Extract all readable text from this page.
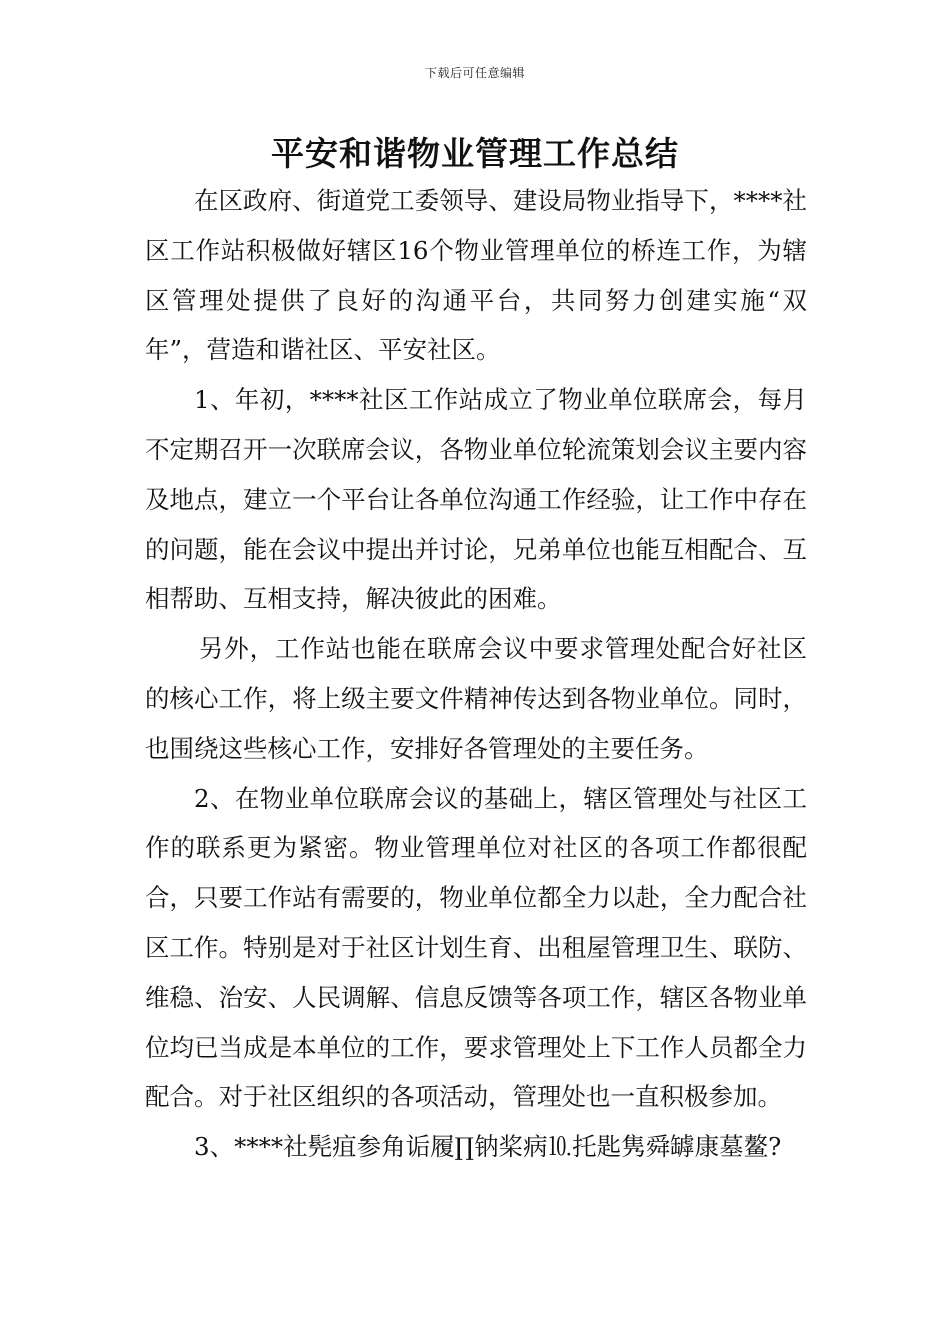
下载后可任意编辑
平安和谐物业管理工作总结

在区政府、街道党工委领导、建设局物业指导下，****社区工作站积极做好辖区16个物业管理单位的桥连工作，为辖区管理处提供了良好的沟通平台，共同努力创建实施“双年”，营造和谐社区、平安社区。

1、年初，****社区工作站成立了物业单位联席会，每月不定期召开一次联席会议，各物业单位轮流策划会议主要内容及地点，建立一个平台让各单位沟通工作经验，让工作中存在的问题，能在会议中提出并讨论，兄弟单位也能互相配合、互相帮助、互相支持，解决彼此的困难。

另外，工作站也能在联席会议中要求管理处配合好社区的核心工作，将上级主要文件精神传达到各物业单位。同时，也围绕这些核心工作，安排好各管理处的主要任务。

2、在物业单位联席会议的基础上，辖区管理处与社区工作的联系更为紧密。物业管理单位对社区的各项工作都很配合，只要工作站有需要的，物业单位都全力以赴，全力配合社区工作。特别是对于社区计划生育、出租屋管理卫生、联防、维稳、治安、人民调解、信息反馈等各项工作，辖区各物业单位均已当成是本单位的工作，要求管理处上下工作人员都全力配合。对于社区组织的各项活动，管理处也一直积极参加。

3、****社髡疽参角诟履∏钠桨病⒑托匙隽舜罅康墓鳌?
